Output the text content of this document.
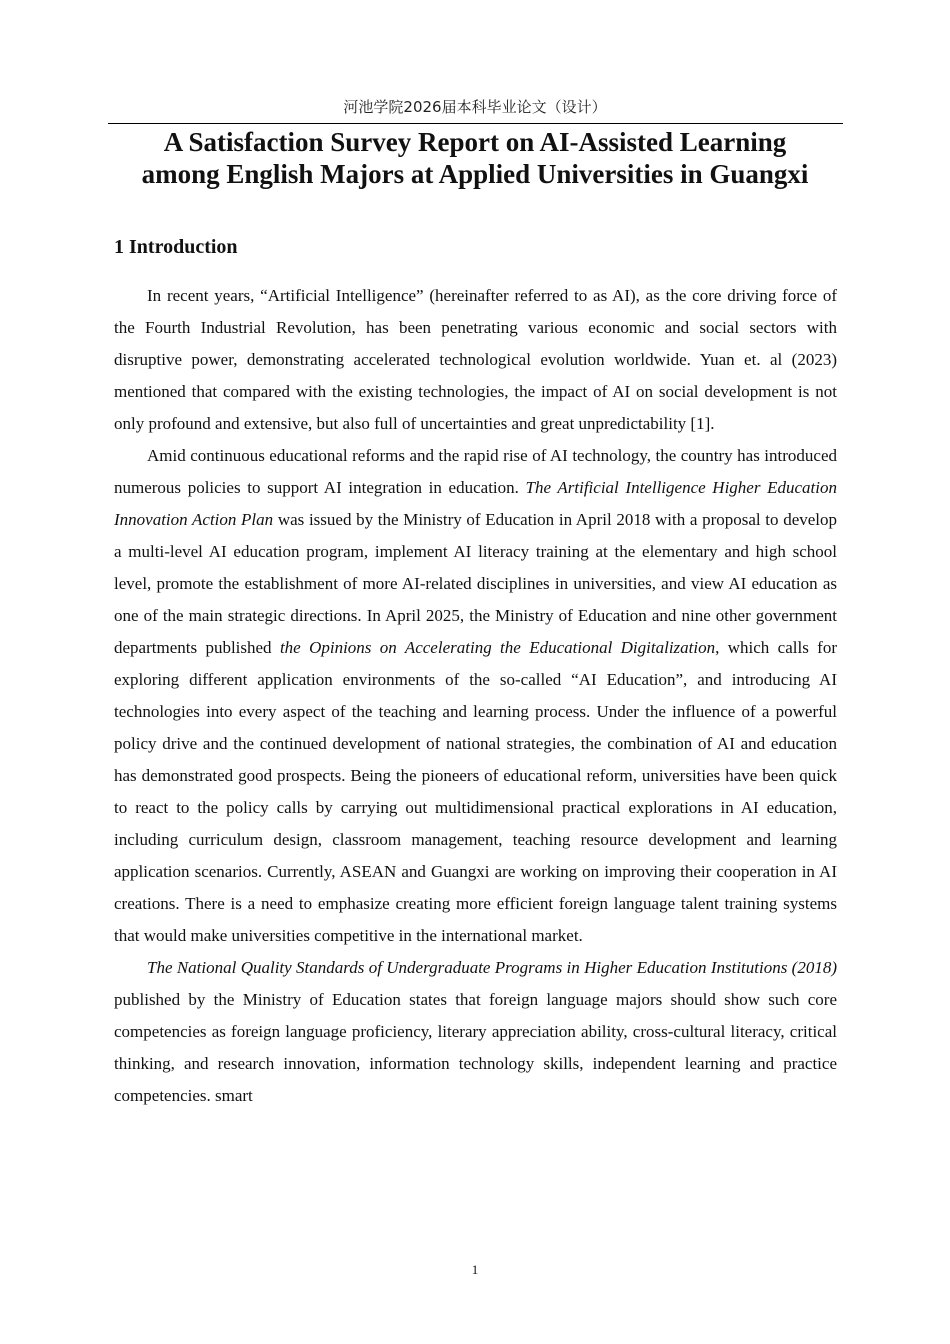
河池学院2026届本科毕业论文（设计）
A Satisfaction Survey Report on AI-Assisted Learning among English Majors at Applied Universities in Guangxi
1 Introduction

In recent years, “Artificial Intelligence” (hereinafter referred to as AI), as the core driving force of the Fourth Industrial Revolution, has been penetrating various economic and social sectors with disruptive power, demonstrating accelerated technological evolution worldwide. Yuan et. al (2023) mentioned that compared with the existing technologies, the impact of AI on social development is not only profound and extensive, but also full of uncertainties and great unpredictability [1].

Amid continuous educational reforms and the rapid rise of AI technology, the country has introduced numerous policies to support AI integration in education. The Artificial Intelligence Higher Education Innovation Action Plan was issued by the Ministry of Education in April 2018 with a proposal to develop a multi-level AI education program, implement AI literacy training at the elementary and high school level, promote the establishment of more AI-related disciplines in universities, and view AI education as one of the main strategic directions. In April 2025, the Ministry of Education and nine other government departments published the Opinions on Accelerating the Educational Digitalization, which calls for exploring different application environments of the so-called “AI Education”, and introducing AI technologies into every aspect of the teaching and learning process. Under the influence of a powerful policy drive and the continued development of national strategies, the combination of AI and education has demonstrated good prospects. Being the pioneers of educational reform, universities have been quick to react to the policy calls by carrying out multidimensional practical explorations in AI education, including curriculum design, classroom management, teaching resource development and learning application scenarios. Currently, ASEAN and Guangxi are working on improving their cooperation in AI creations. There is a need to emphasize creating more efficient foreign language talent training systems that would make universities competitive in the international market.

The National Quality Standards of Undergraduate Programs in Higher Education Institutions (2018) published by the Ministry of Education states that foreign language majors should show such core competencies as foreign language proficiency, literary appreciation ability, cross-cultural literacy, critical thinking, and research innovation, information technology skills, independent learning and practice competencies. smart

1
